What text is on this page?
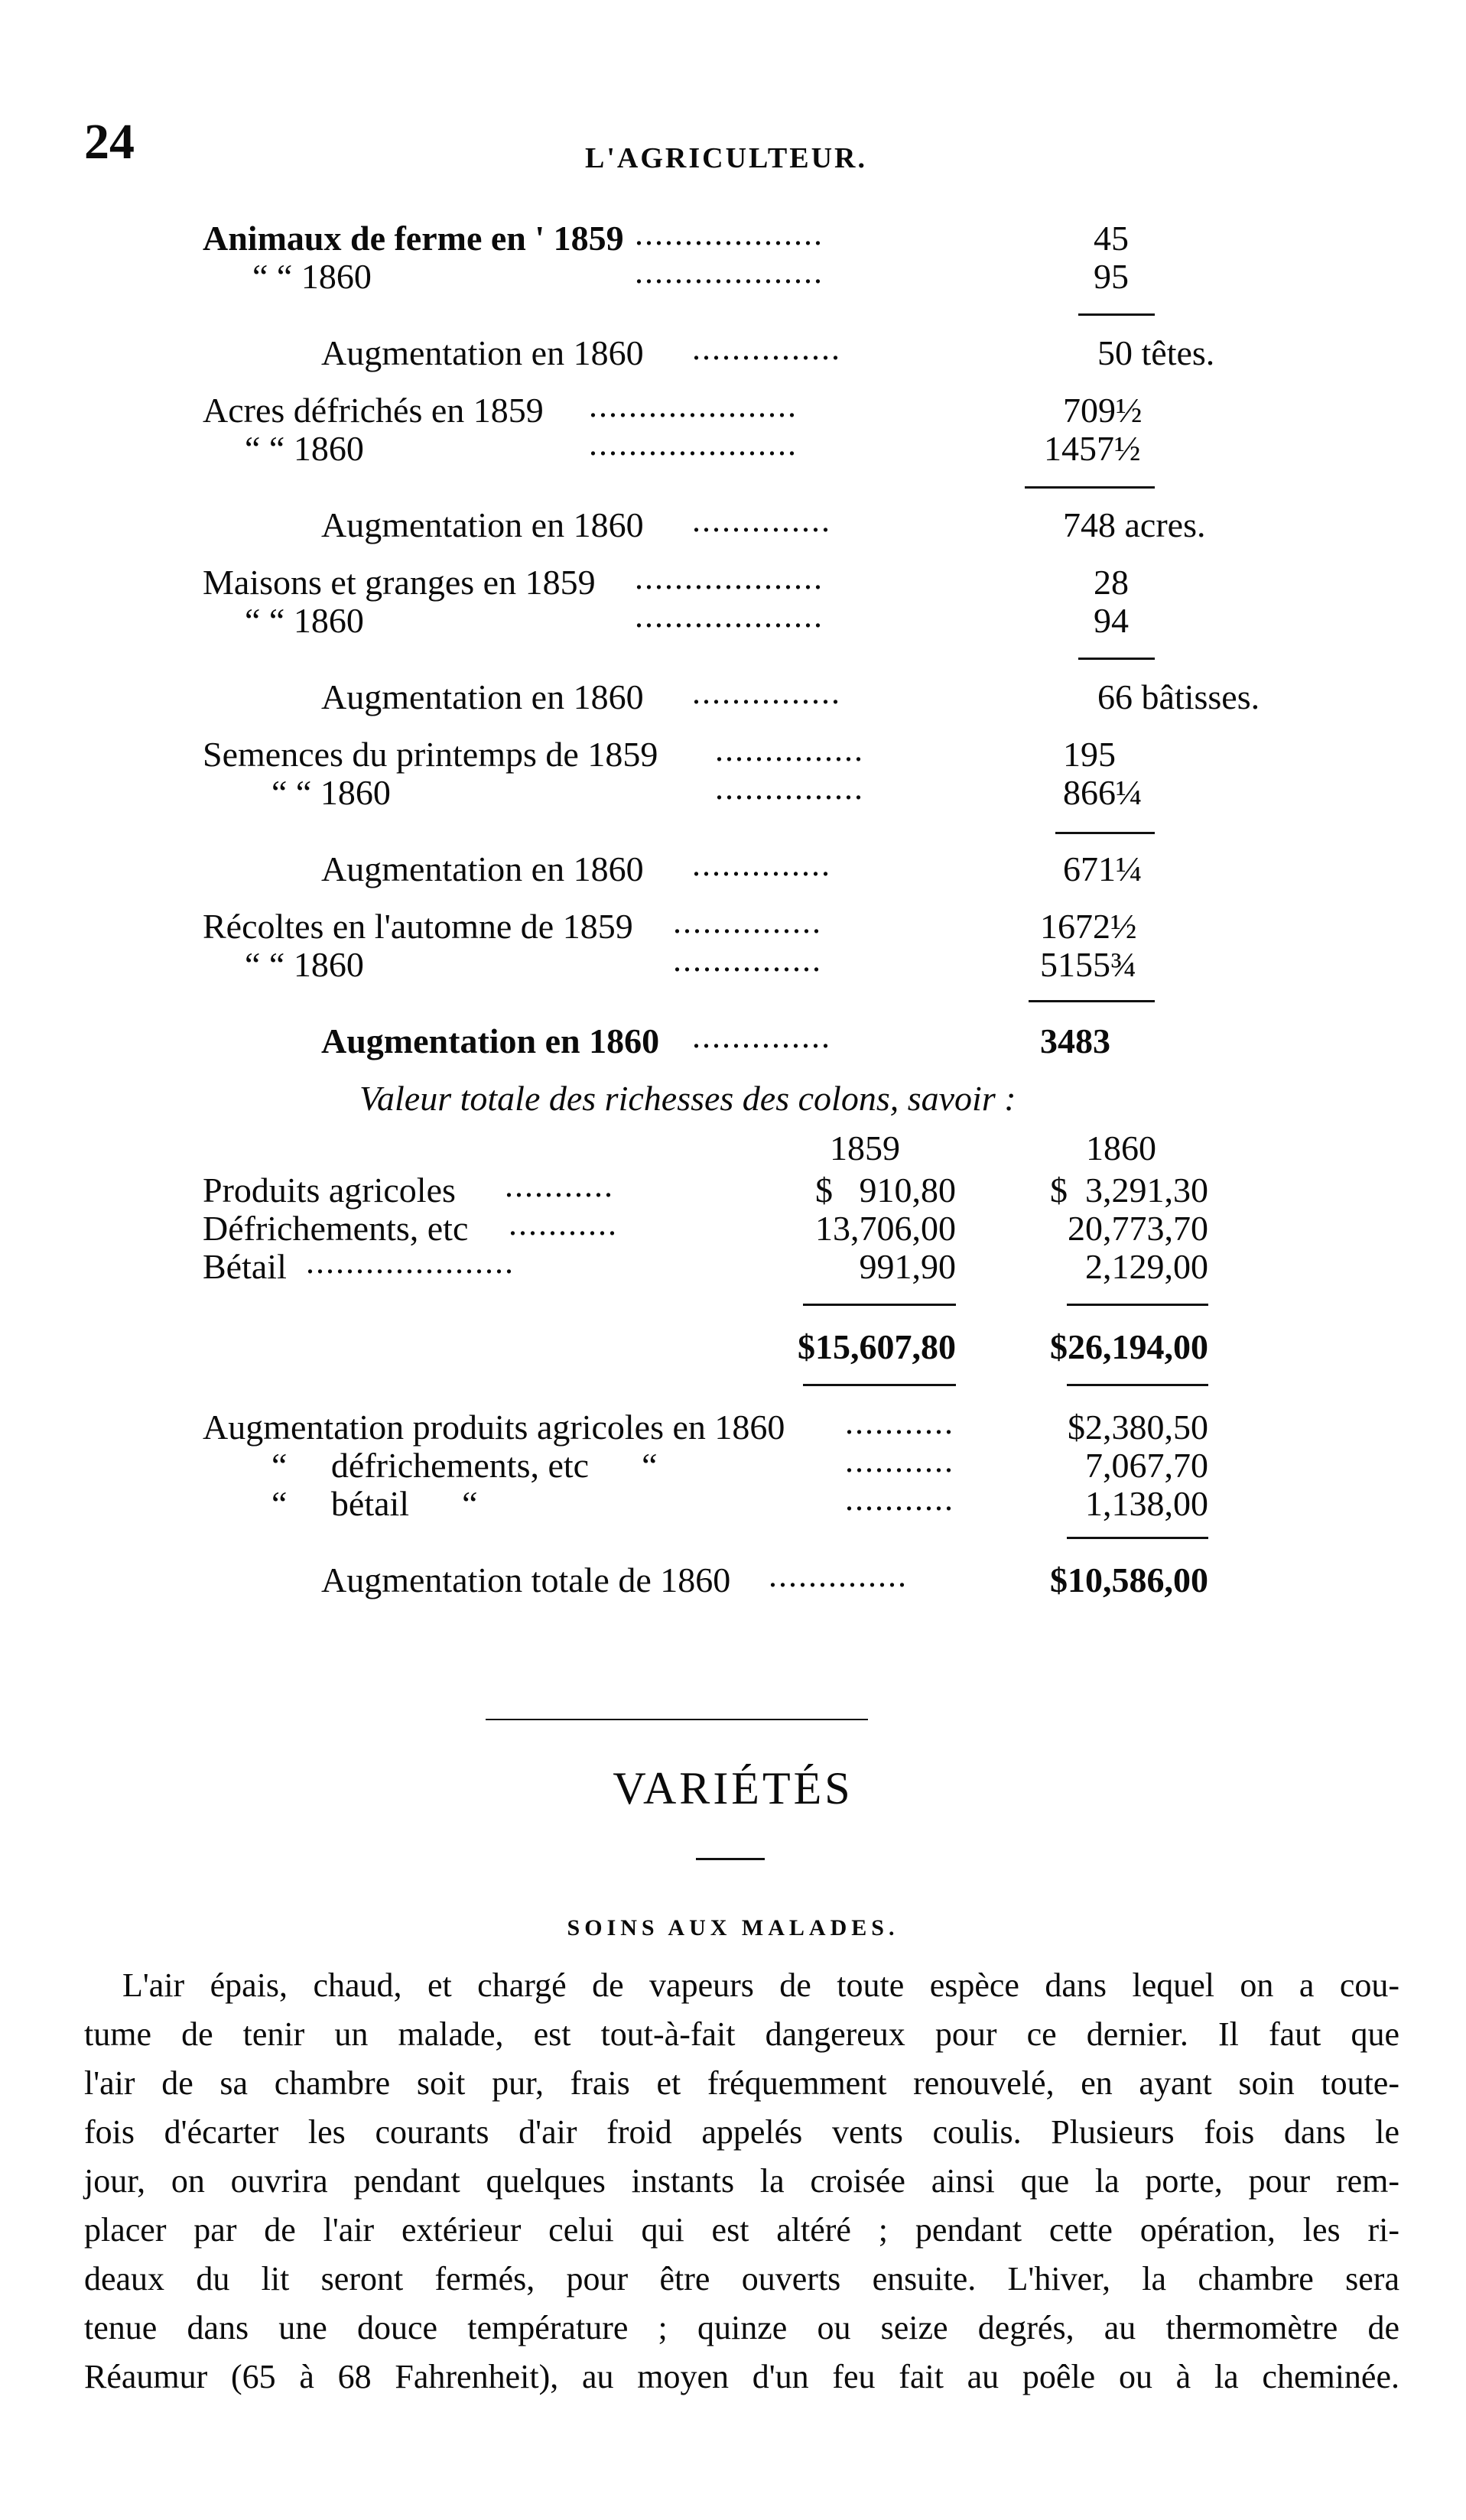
24	L'AGRICULTEUR.
Animaux de ferme en ' 1859 ...................	45
“ “ 1860	...................	95
Augmentation en 1860 ...............	50 têtes.
Acres défrichés en 1859 .....................	709½
“ “ 1860	.....................	1457½
Augmentation en 1860 ..............	748 acres.
Maisons et granges en 1859 ...................	28
“ “ 1860	...................	94
Augmentation en 1860 ...............	66 bâtisses.
Semences du printemps de 1859 ...............	195
“ “ 1860	...............	866¼
Augmentation en 1860 ..............	671¼
Récoltes en l'automne de 1859 ...............	1672½
“ “ 1860	...............	5155¾
Augmentation en 1860 ..............	3483
Valeur totale des richesses des colons, savoir :
1859	1860
Produits agricoles ...........	$   910,80	$  3,291,30
Défrichements, etc ...........	13,706,00	20,773,70
Bétail .....................	991,90	2,129,00
$15,607,80	$26,194,00
Augmentation produits agricoles en 1860 ...........	$2,380,50
“     défrichements, etc      “	...........	7,067,70
“     bétail      “	...........	1,138,00
Augmentation totale de 1860 ..............	$10,586,00
VARIÉTÉS
SOINS AUX MALADES.
L'air épais, chaud, et chargé de vapeurs de toute espèce dans lequel on a cou-
tume de tenir un malade, est tout-à-fait dangereux pour ce dernier. Il faut que
l'air de sa chambre soit pur, frais et fréquemment renouvelé, en ayant soin toute-
fois d'écarter les courants d'air froid appelés vents coulis. Plusieurs fois dans le
jour, on ouvrira pendant quelques instants la croisée ainsi que la porte, pour rem-
placer par de l'air extérieur celui qui est altéré ; pendant cette opération, les ri-
deaux du lit seront fermés, pour être ouverts ensuite. L'hiver, la chambre sera
tenue dans une douce température ; quinze ou seize degrés, au thermomètre de
Réaumur (65 à 68 Fahrenheit), au moyen d'un feu fait au poêle ou à la cheminée.
